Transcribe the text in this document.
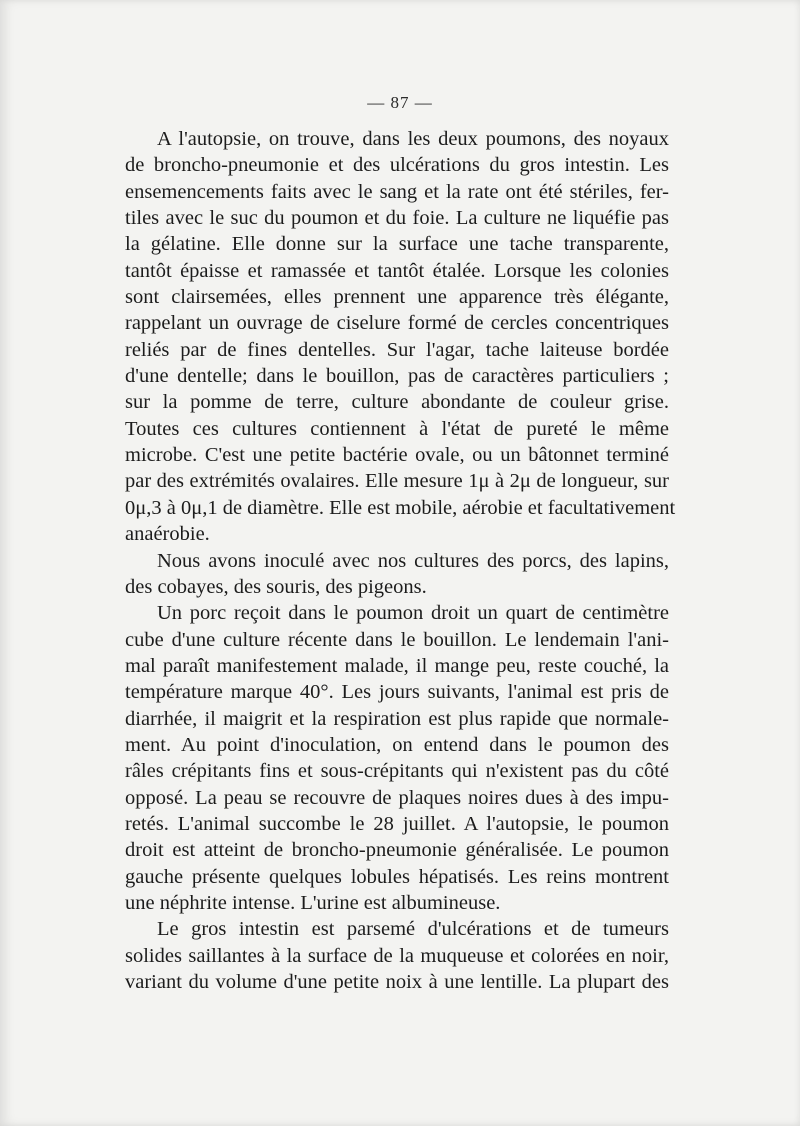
— 87 —
A l'autopsie, on trouve, dans les deux poumons, des noyaux
de broncho-pneumonie et des ulcérations du gros intestin. Les
ensemencements faits avec le sang et la rate ont été stériles, fer-
tiles avec le suc du poumon et du foie. La culture ne liquéfie pas
la gélatine. Elle donne sur la surface une tache transparente,
tantôt épaisse et ramassée et tantôt étalée. Lorsque les colonies
sont clairsemées, elles prennent une apparence très élégante,
rappelant un ouvrage de ciselure formé de cercles concentriques
reliés par de fines dentelles. Sur l'agar, tache laiteuse bordée
d'une dentelle; dans le bouillon, pas de caractères particuliers ;
sur la pomme de terre, culture abondante de couleur grise.
Toutes ces cultures contiennent à l'état de pureté le même
microbe. C'est une petite bactérie ovale, ou un bâtonnet terminé
par des extrémités ovalaires. Elle mesure 1μ à 2μ de longueur, sur
0μ,3 à 0μ,1 de diamètre. Elle est mobile, aérobie et facultativement
anaérobie.
Nous avons inoculé avec nos cultures des porcs, des lapins,
des cobayes, des souris, des pigeons.
Un porc reçoit dans le poumon droit un quart de centimètre
cube d'une culture récente dans le bouillon. Le lendemain l'ani-
mal paraît manifestement malade, il mange peu, reste couché, la
température marque 40°. Les jours suivants, l'animal est pris de
diarrhée, il maigrit et la respiration est plus rapide que normale-
ment. Au point d'inoculation, on entend dans le poumon des
râles crépitants fins et sous-crépitants qui n'existent pas du côté
opposé. La peau se recouvre de plaques noires dues à des impu-
retés. L'animal succombe le 28 juillet. A l'autopsie, le poumon
droit est atteint de broncho-pneumonie généralisée. Le poumon
gauche présente quelques lobules hépatisés. Les reins montrent
une néphrite intense. L'urine est albumineuse.
Le gros intestin est parsemé d'ulcérations et de tumeurs
solides saillantes à la surface de la muqueuse et colorées en noir,
variant du volume d'une petite noix à une lentille. La plupart des
